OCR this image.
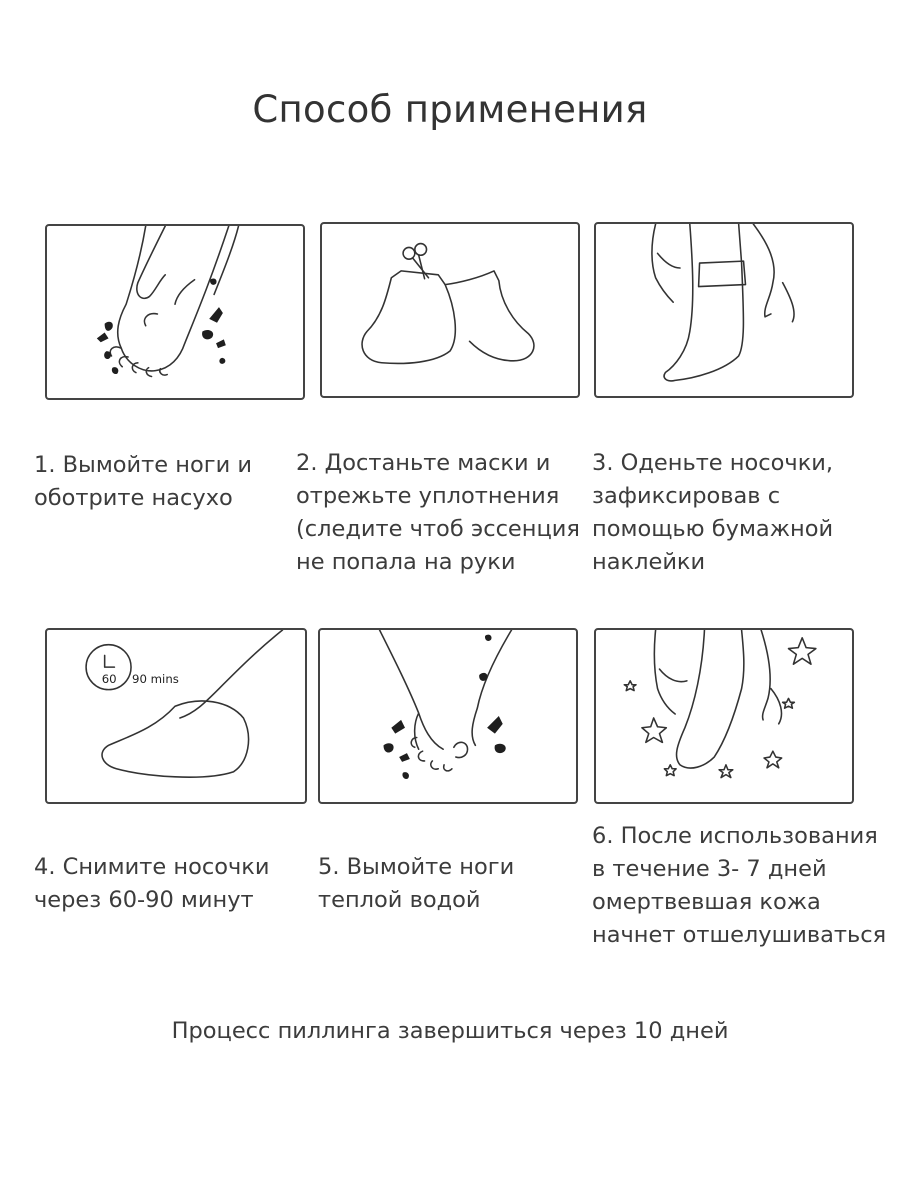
Способ применения
60 90 mins
1. Вымойте ноги и
оботрите насухо
2. Достаньте маски и
отрежьте уплотнения
(следите чтоб эссенция
не попала на руки
3. Оденьте носочки,
зафиксировав с
помощью бумажной
наклейки
4. Снимите носочки
через 60-90 минут
5. Вымойте ноги
теплой водой
6. После использования
в течение 3- 7 дней
омертвевшая кожа
начнет отшелушиваться
Процесс пиллинга завершиться через 10 дней
